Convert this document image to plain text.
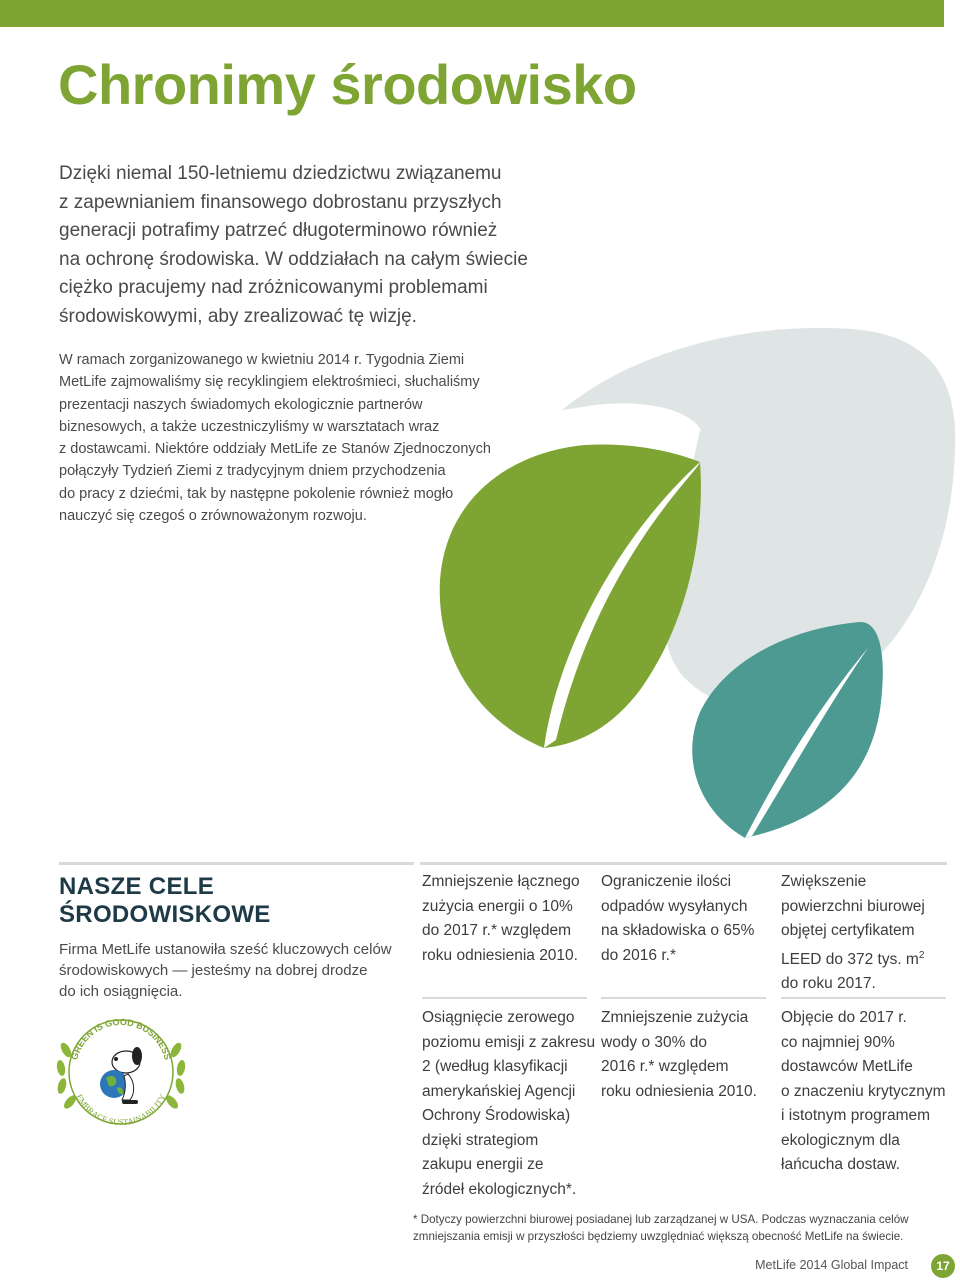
Chronimy środowisko
Dzięki niemal 150-letniemu dziedzictwu związanemu
z zapewnianiem finansowego dobrostanu przyszłych
generacji potrafimy patrzeć długoterminowo również
na ochronę środowiska. W oddziałach na całym świecie
ciężko pracujemy nad zróżnicowanymi problemami
środowiskowymi, aby zrealizować tę wizję.
W ramach zorganizowanego w kwietniu 2014 r. Tygodnia Ziemi
MetLife zajmowaliśmy się recyklingiem elektrośmieci, słuchaliśmy
prezentacji naszych świadomych ekologicznie partnerów
biznesowych, a także uczestniczyliśmy w warsztatach wraz
z dostawcami. Niektóre oddziały MetLife ze Stanów Zjednoczonych
połączyły Tydzień Ziemi z tradycyjnym dniem przychodzenia
do pracy z dziećmi, tak by następne pokolenie również mogło
nauczyć się czegoś o zrównoważonym rozwoju.
NASZE CELE
ŚRODOWISKOWE
Firma MetLife ustanowiła sześć kluczowych celów
środowiskowych — jesteśmy na dobrej drodze
do ich osiągnięcia.
GREEN IS GOOD BUSINESS
EMBRACE SUSTAINABILITY
Zmniejszenie łącznego
zużycia energii o 10%
do 2017 r.* względem
roku odniesienia 2010.
Ograniczenie ilości
odpadów wysyłanych
na składowiska o 65%
do 2016 r.*
Zwiększenie
powierzchni biurowej
objętej certyfikatem
LEED do 372 tys. $m^2$
do roku 2017.
Osiągnięcie zerowego
poziomu emisji z zakresu
2 (według klasyfikacji
amerykańskiej Agencji
Ochrony Środowiska)
dzięki strategiom
zakupu energii ze
źródeł ekologicznych*.
Zmniejszenie zużycia
wody o 30% do
2016 r.* względem
roku odniesienia 2010.
Objęcie do 2017 r.
co najmniej 90%
dostawców MetLife
o znaczeniu krytycznym
i istotnym programem
ekologicznym dla
łańcucha dostaw.
* Dotyczy powierzchni biurowej posiadanej lub zarządzanej w USA. Podczas wyznaczania celów
zmniejszania emisji w przyszłości będziemy uwzględniać większą obecność MetLife na świecie.
MetLife 2014 Global Impact	17
